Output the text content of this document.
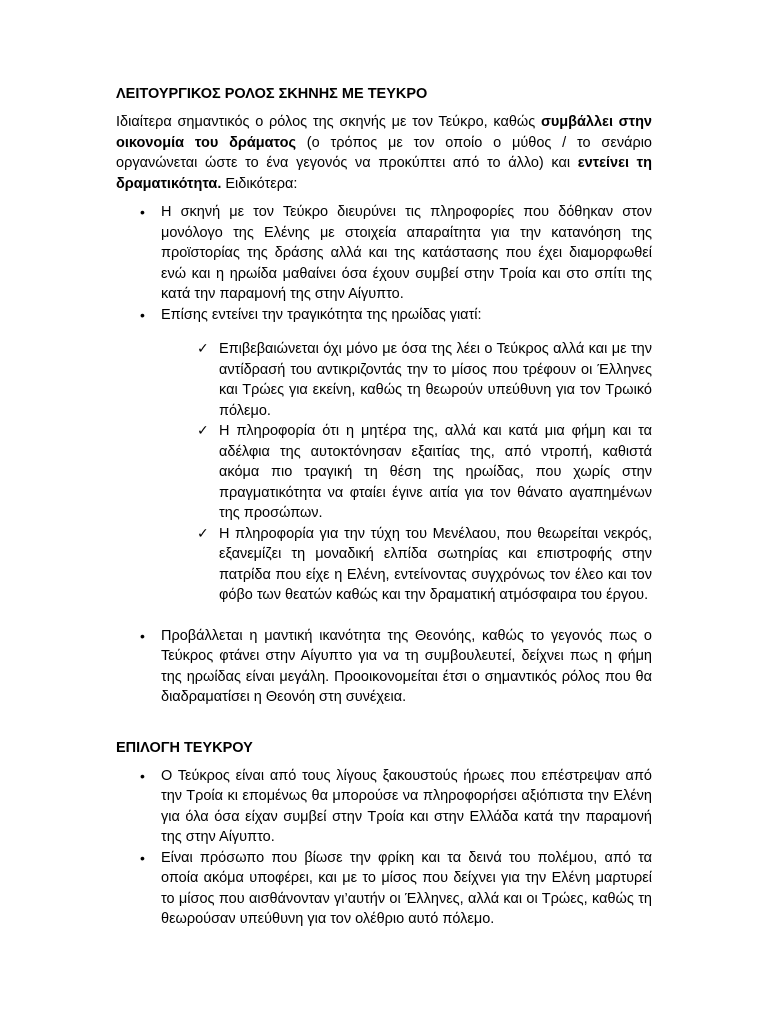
ΛΕΙΤΟΥΡΓΙΚΟΣ ΡΟΛΟΣ ΣΚΗΝΗΣ ΜΕ ΤΕΥΚΡΟ

Ιδιαίτερα σημαντικός ο ρόλος της σκηνής με τον Τεύκρο, καθώς συμβάλλει στην οικονομία του δράματος (ο τρόπος με τον οποίο ο μύθος / το σενάριο οργανώνεται ώστε το ένα γεγονός να προκύπτει από το άλλο) και εντείνει τη δραματικότητα. Ειδικότερα:

• Η σκηνή με τον Τεύκρο διευρύνει τις πληροφορίες που δόθηκαν στον μονόλογο της Ελένης με στοιχεία απαραίτητα για την κατανόηση της προϊστορίας της δράσης αλλά και της κατάστασης που έχει διαμορφωθεί ενώ και η ηρωίδα μαθαίνει όσα έχουν συμβεί στην Τροία και στο σπίτι της κατά την παραμονή της στην Αίγυπτο.
• Επίσης εντείνει την τραγικότητα της ηρωίδας γιατί:
✓ Επιβεβαιώνεται όχι μόνο με όσα της λέει ο Τεύκρος αλλά και με την αντίδρασή του αντικριζοντάς την το μίσος που τρέφουν οι Έλληνες και Τρώες για εκείνη, καθώς τη θεωρούν υπεύθυνη για τον Τρωικό πόλεμο.
✓ Η πληροφορία ότι η μητέρα της, αλλά και κατά μια φήμη και τα αδέλφια της αυτοκτόνησαν εξαιτίας της, από ντροπή, καθιστά ακόμα πιο τραγική τη θέση της ηρωίδας, που χωρίς στην πραγματικότητα να φταίει έγινε αιτία για τον θάνατο αγαπημένων της προσώπων.
✓ Η πληροφορία για την τύχη του Μενέλαου, που θεωρείται νεκρός, εξανεμίζει τη μοναδική ελπίδα σωτηρίας και επιστροφής στην πατρίδα που είχε η Ελένη, εντείνοντας συγχρόνως τον έλεο και τον φόβο των θεατών καθώς και την δραματική ατμόσφαιρα του έργου.
• Προβάλλεται η μαντική ικανότητα της Θεονόης, καθώς το γεγονός πως ο Τεύκρος φτάνει στην Αίγυπτο για να τη συμβουλευτεί, δείχνει πως η φήμη της ηρωίδας είναι μεγάλη. Προοικονομείται έτσι ο σημαντικός ρόλος που θα διαδραματίσει η Θεονόη στη συνέχεια.
ΕΠΙΛΟΓΗ ΤΕΥΚΡΟΥ
• Ο Τεύκρος είναι από τους λίγους ξακουστούς ήρωες που επέστρεψαν από την Τροία κι επομένως θα μπορούσε να πληροφορήσει αξιόπιστα την Ελένη για όλα όσα είχαν συμβεί στην Τροία και στην Ελλάδα κατά την παραμονή της στην Αίγυπτο.
• Είναι πρόσωπο που βίωσε την φρίκη και τα δεινά του πολέμου, από τα οποία ακόμα υποφέρει, και με το μίσος που δείχνει για την Ελένη μαρτυρεί το μίσος που αισθάνονταν γι’αυτήν οι Έλληνες, αλλά και οι Τρώες, καθώς τη θεωρούσαν υπεύθυνη για τον ολέθριο αυτό πόλεμο.
